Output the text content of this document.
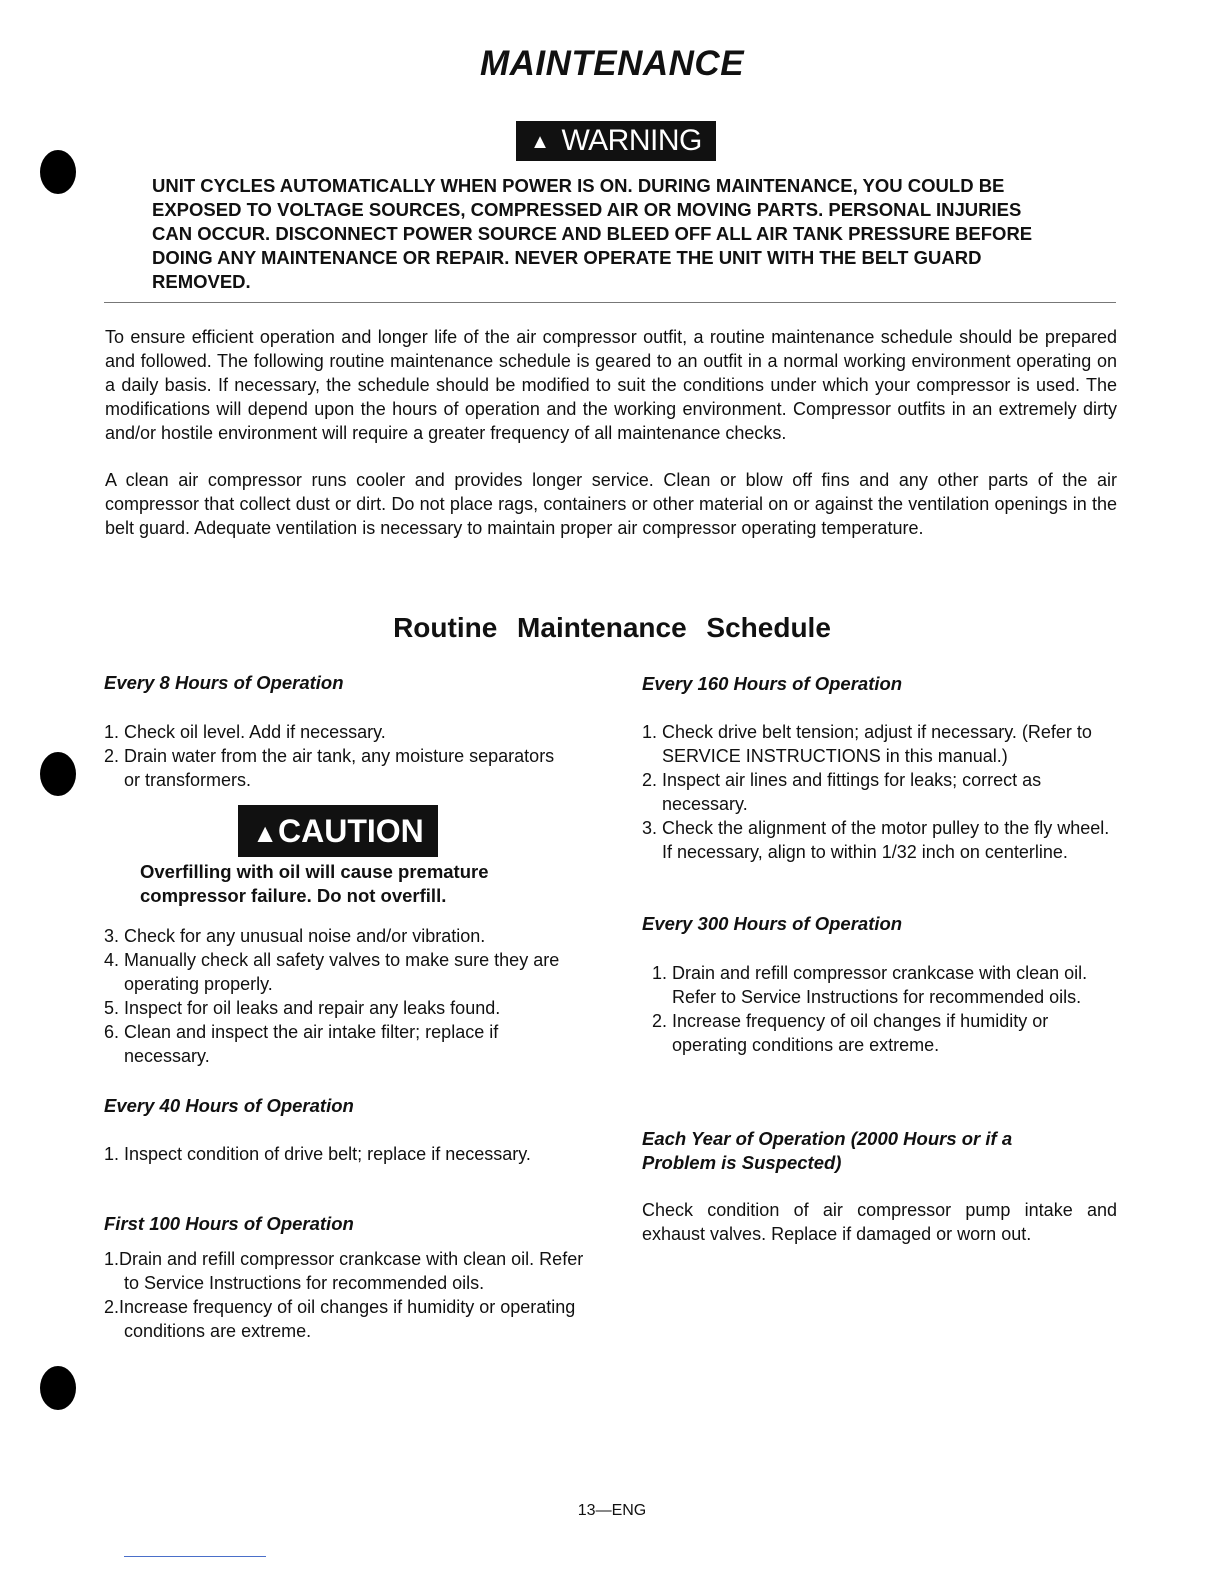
MAINTENANCE
▲ WARNING
UNIT CYCLES AUTOMATICALLY WHEN POWER IS ON. DURING MAINTENANCE, YOU COULD BE EXPOSED TO VOLTAGE SOURCES, COMPRESSED AIR OR MOVING PARTS. PERSONAL INJURIES CAN OCCUR. DISCONNECT POWER SOURCE AND BLEED OFF ALL AIR TANK PRESSURE BEFORE DOING ANY MAINTENANCE OR REPAIR. NEVER OPERATE THE UNIT WITH THE BELT GUARD REMOVED.
To ensure efficient operation and longer life of the air compressor outfit, a routine maintenance schedule should be prepared and followed. The following routine maintenance schedule is geared to an outfit in a normal working environment operating on a daily basis. If necessary, the schedule should be modified to suit the conditions under which your compressor is used. The modifications will depend upon the hours of operation and the working environment. Compressor outfits in an extremely dirty and/or hostile environment will require a greater frequency of all maintenance checks.
A clean air compressor runs cooler and provides longer service. Clean or blow off fins and any other parts of the air compressor that collect dust or dirt. Do not place rags, containers or other material on or against the ventilation openings in the belt guard. Adequate ventilation is necessary to maintain proper air compressor operating temperature.
Routine Maintenance Schedule
Every 8 Hours of Operation
1. Check oil level. Add if necessary.
2. Drain water from the air tank, any moisture separators or transformers.
▲CAUTION
Overfilling with oil will cause premature compressor failure. Do not overfill.
3. Check for any unusual noise and/or vibration.
4. Manually check all safety valves to make sure they are operating properly.
5. Inspect for oil leaks and repair any leaks found.
6. Clean and inspect the air intake filter; replace if necessary.
Every 40 Hours of Operation
1. Inspect condition of drive belt; replace if necessary.
First 100 Hours of Operation
1.Drain and refill compressor crankcase with clean oil. Refer to Service Instructions for recommended oils.
2.Increase frequency of oil changes if humidity or operating conditions are extreme.
Every 160 Hours of Operation
1. Check drive belt tension; adjust if necessary. (Refer to SERVICE INSTRUCTIONS in this manual.)
2. Inspect air lines and fittings for leaks; correct as necessary.
3. Check the alignment of the motor pulley to the fly wheel. If necessary, align to within 1/32 inch on centerline.
Every 300 Hours of Operation
1. Drain and refill compressor crankcase with clean oil. Refer to Service Instructions for recommended oils.
2. Increase frequency of oil changes if humidity or operating conditions are extreme.
Each Year of Operation (2000 Hours or if a Problem is Suspected)
Check condition of air compressor pump intake and exhaust valves. Replace if damaged or worn out.
13—ENG
